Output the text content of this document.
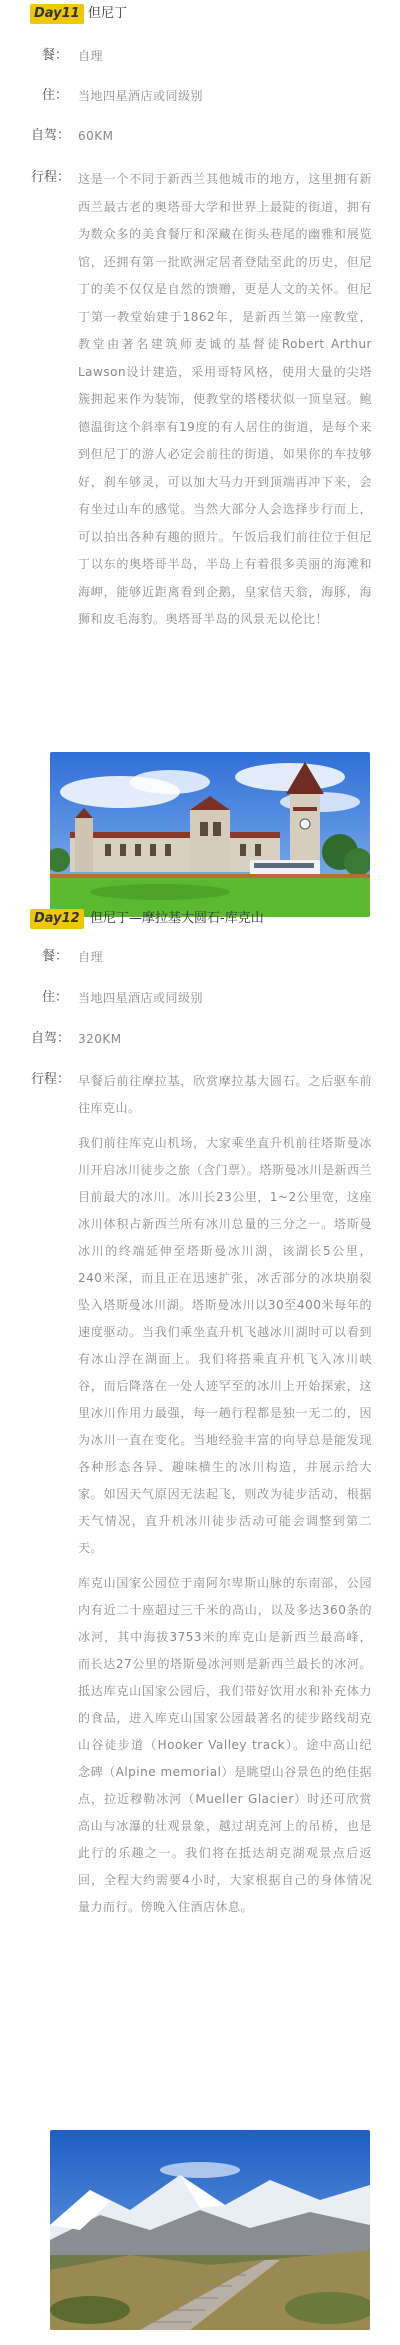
Day11 但尼丁
餐： 自理
住： 当地四星酒店或同级别
自驾： 60KM
行程： 这是一个不同于新西兰其他城市的地方，这里拥有新西兰最古老的奥塔哥大学和世界上最陡的街道，拥有为数众多的美食餐厅和深藏在街头巷尾的幽雅和展览馆，还拥有第一批欧洲定居者登陆至此的历史，但尼丁的美不仅仅是自然的馈赠，更是人文的关怀。但尼丁第一教堂始建于1862年，是新西兰第一座教堂，教堂由著名建筑师麦诚的基督徒Robert Arthur Lawson设计建造，采用哥特风格，使用大量的尖塔簇拥起来作为装饰，使教堂的塔楼状似一顶皇冠。鲍德温街这个斜率有19度的有人居住的街道，是每个来到但尼丁的游人必定会前往的街道，如果你的车技够好，刹车够灵，可以加大马力开到顶端再冲下来，会有坐过山车的感觉。当然大部分人会选择步行而上，可以拍出各种有趣的照片。午饭后我们前往位于但尼丁以东的奥塔哥半岛，半岛上有着很多美丽的海滩和海岬，能够近距离看到企鹅，皇家信天翁，海豚，海狮和皮毛海豹。奥塔哥半岛的风景无以伦比！
Day12 但尼丁—摩拉基大圆石-库克山
餐： 自理
住： 当地四星酒店或同级别
自驾： 320KM
行程： 早餐后前往摩拉基，欣赏摩拉基大圆石。之后驱车前往库克山。

我们前往库克山机场，大家乘坐直升机前往塔斯曼冰川开启冰川徒步之旅（含门票）。塔斯曼冰川是新西兰目前最大的冰川。冰川长23公里，1~2公里宽，这座冰川体积占新西兰所有冰川总量的三分之一。塔斯曼冰川的终端延伸至塔斯曼冰川湖，该湖长5公里，240米深，而且正在迅速扩张，冰舌部分的冰块崩裂坠入塔斯曼冰川湖。塔斯曼冰川以30至400米每年的速度驱动。当我们乘坐直升机飞越冰川湖时可以看到有冰山浮在湖面上。我们将搭乘直升机飞入冰川峡谷，而后降落在一处人迹罕至的冰川上开始探索，这里冰川作用力最强，每一趟行程都是独一无二的，因为冰川一直在变化。当地经验丰富的向导总是能发现各种形态各异、趣味横生的冰川构造，并展示给大家。如因天气原因无法起飞，则改为徒步活动，根据天气情况，直升机冰川徒步活动可能会调整到第二天。

库克山国家公园位于南阿尔卑斯山脉的东南部，公园内有近二十座超过三千米的高山，以及多达360条的冰河，其中海拔3753米的库克山是新西兰最高峰，而长达27公里的塔斯曼冰河则是新西兰最长的冰河。抵达库克山国家公园后，我们带好饮用水和补充体力的食品，进入库克山国家公园最著名的徒步路线胡克山谷徒步道（Hooker Valley track）。途中高山纪念碑（Alpine memorial）是眺望山谷景色的绝佳据点，拉近穆勒冰河（Mueller Glacier）时还可欣赏高山与冰瀑的壮观景象，越过胡克河上的吊桥，也是此行的乐趣之一。我们将在抵达胡克湖观景点后返回，全程大约需要4小时，大家根据自己的身体情况量力而行。傍晚入住酒店休息。
